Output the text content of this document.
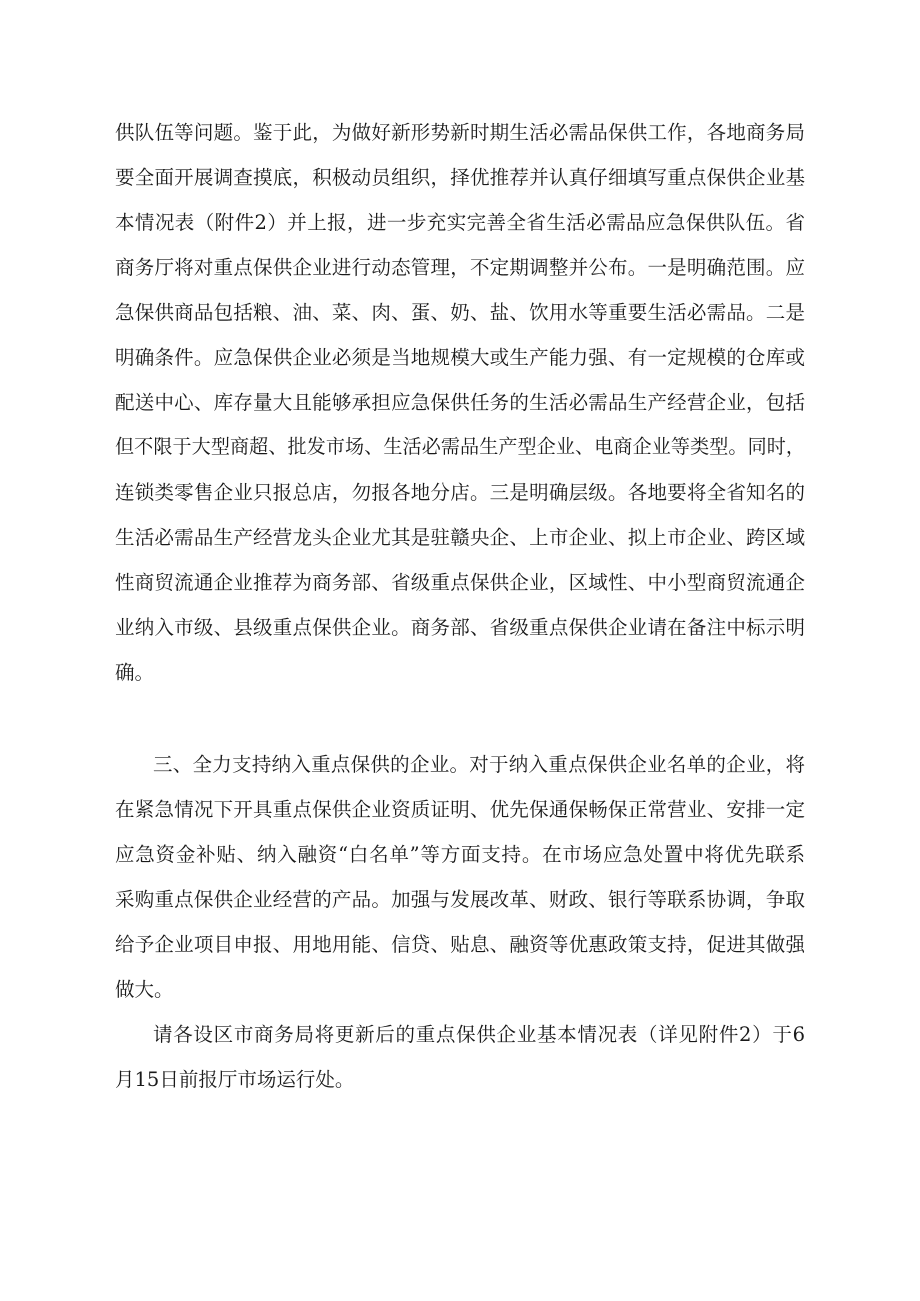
供队伍等问题。鉴于此，为做好新形势新时期生活必需品保供工作，各地商务局
要全面开展调查摸底，积极动员组织，择优推荐并认真仔细填写重点保供企业基
本情况表（附件2）并上报，进一步充实完善全省生活必需品应急保供队伍。省
商务厅将对重点保供企业进行动态管理，不定期调整并公布。一是明确范围。应
急保供商品包括粮、油、菜、肉、蛋、奶、盐、饮用水等重要生活必需品。二是
明确条件。应急保供企业必须是当地规模大或生产能力强、有一定规模的仓库或
配送中心、库存量大且能够承担应急保供任务的生活必需品生产经营企业，包括
但不限于大型商超、批发市场、生活必需品生产型企业、电商企业等类型。同时，
连锁类零售企业只报总店，勿报各地分店。三是明确层级。各地要将全省知名的
生活必需品生产经营龙头企业尤其是驻赣央企、上市企业、拟上市企业、跨区域
性商贸流通企业推荐为商务部、省级重点保供企业，区域性、中小型商贸流通企
业纳入市级、县级重点保供企业。商务部、省级重点保供企业请在备注中标示明
确。
三、全力支持纳入重点保供的企业。对于纳入重点保供企业名单的企业，将
在紧急情况下开具重点保供企业资质证明、优先保通保畅保正常营业、安排一定
应急资金补贴、纳入融资“白名单”等方面支持。在市场应急处置中将优先联系
采购重点保供企业经营的产品。加强与发展改革、财政、银行等联系协调，争取
给予企业项目申报、用地用能、信贷、贴息、融资等优惠政策支持，促进其做强
做大。
请各设区市商务局将更新后的重点保供企业基本情况表（详见附件2）于6
月15日前报厅市场运行处。
